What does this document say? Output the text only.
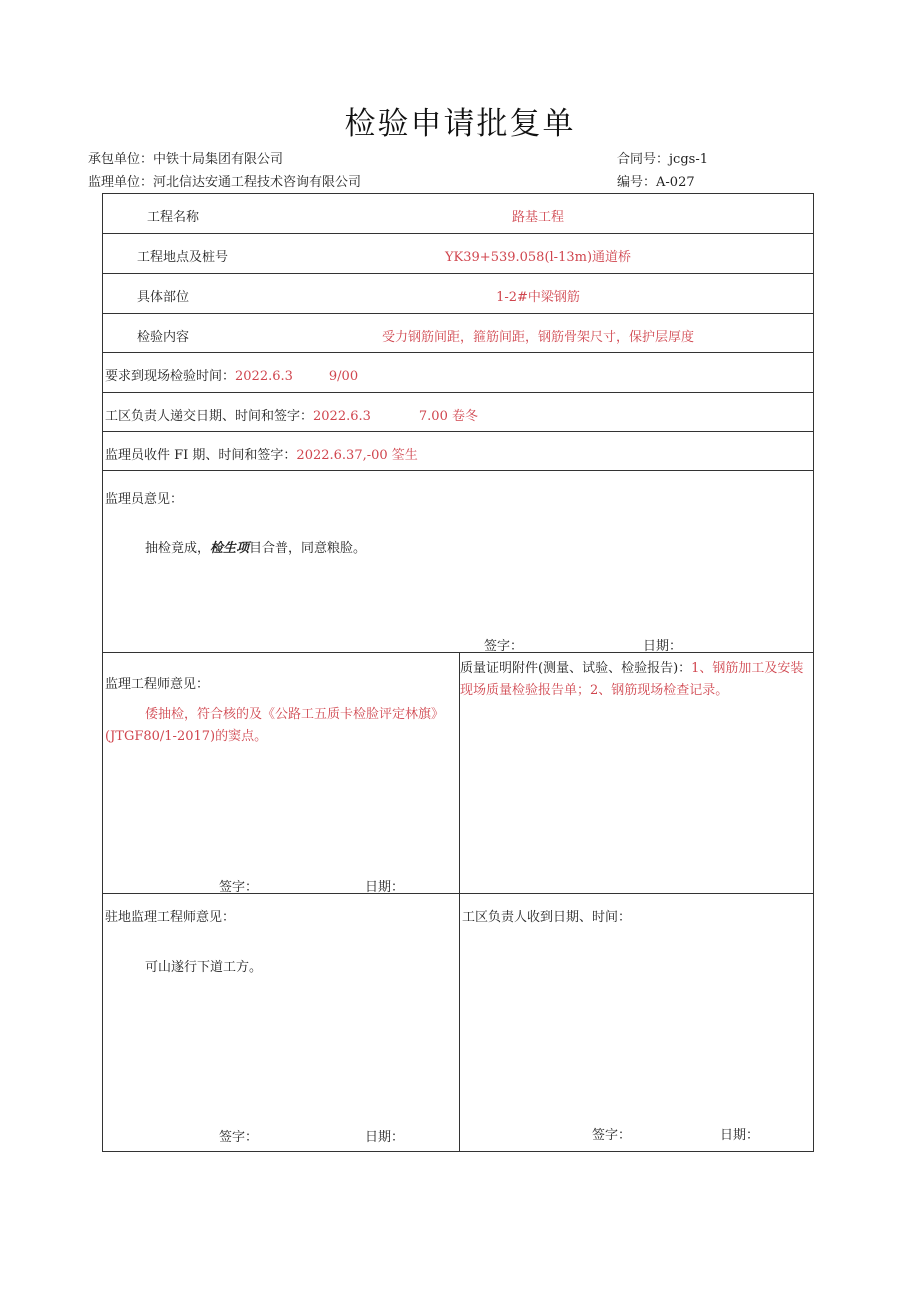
检验申请批复单
承包单位：中铁十局集团有限公司	合同号：jcgs-1
监理单位：河北信达安通工程技术咨询有限公司	编号：A-027
工程名称	路基工程
工程地点及桩号	YK39+539.058(l-13m)通道桥
具体部位	1-2#中梁钢筋
检验内容	受力钢筋间距，箍筋间距，钢筋骨架尺寸，保护层厚度
要求到现场检验时间：2022.6.3	9/00
工区负责人递交日期、时间和签字：2022.6.3	7.00 卷冬
监理员收件 FI 期、时间和签字：2022.6.37,-00 筌生
监理员意见：
抽检竟成，检生项目合普，同意粮脸。
签字：	日期：
监理工程师意见：
倭抽检，符合核的及《公路工五质卡检脸评定林旗》(JTGF80/1-2017)的窦点。
签字：	日期：
质量证明附件(测量、试验、检验报告)：1、钢筋加工及安装现场质量检验报告单；2、钢筋现场检查记录。
驻地监理工程师意见：
可山遂行下道工方。
签字：	日期：
工区负责人收到日期、时间：
签字：	日期：
